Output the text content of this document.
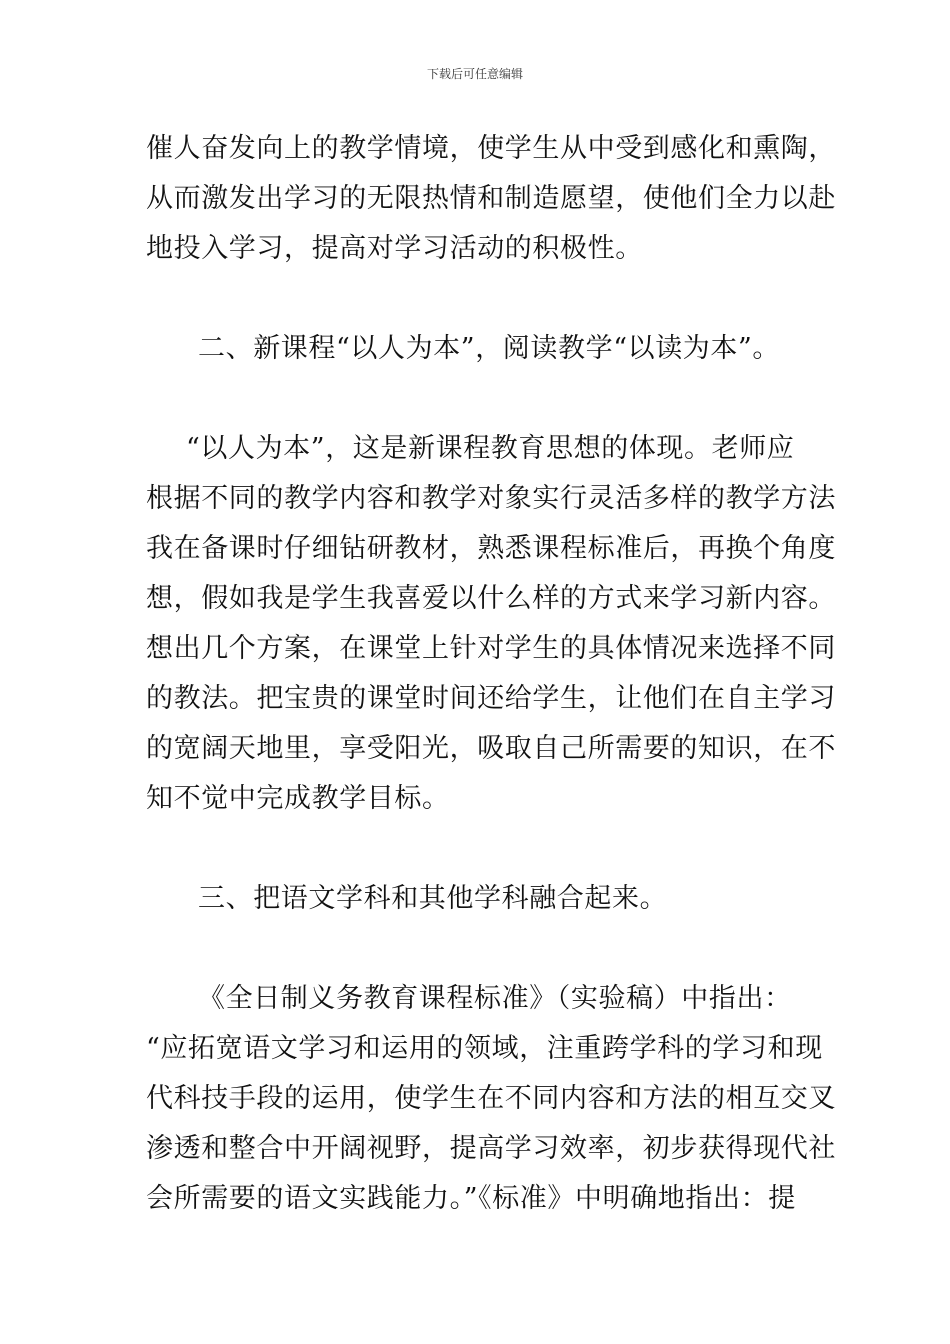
下载后可任意编辑
催人奋发向上的教学情境，使学生从中受到感化和熏陶，
从而激发出学习的无限热情和制造愿望，使他们全力以赴
地投入学习，提高对学习活动的积极性。
二、新课程“以人为本”，阅读教学“以读为本”。
“以人为本”，这是新课程教育思想的体现。老师应
根据不同的教学内容和教学对象实行灵活多样的教学方法
我在备课时仔细钻研教材，熟悉课程标准后，再换个角度
想，假如我是学生我喜爱以什么样的方式来学习新内容。
想出几个方案，在课堂上针对学生的具体情况来选择不同
的教法。把宝贵的课堂时间还给学生，让他们在自主学习
的宽阔天地里，享受阳光，吸取自己所需要的知识，在不
知不觉中完成教学目标。
三、把语文学科和其他学科融合起来。
《全日制义务教育课程标准》（实验稿）中指出：
“应拓宽语文学习和运用的领域，注重跨学科的学习和现
代科技手段的运用，使学生在不同内容和方法的相互交叉
渗透和整合中开阔视野，提高学习效率，初步获得现代社
会所需要的语文实践能力。”《标准》中明确地指出：提
